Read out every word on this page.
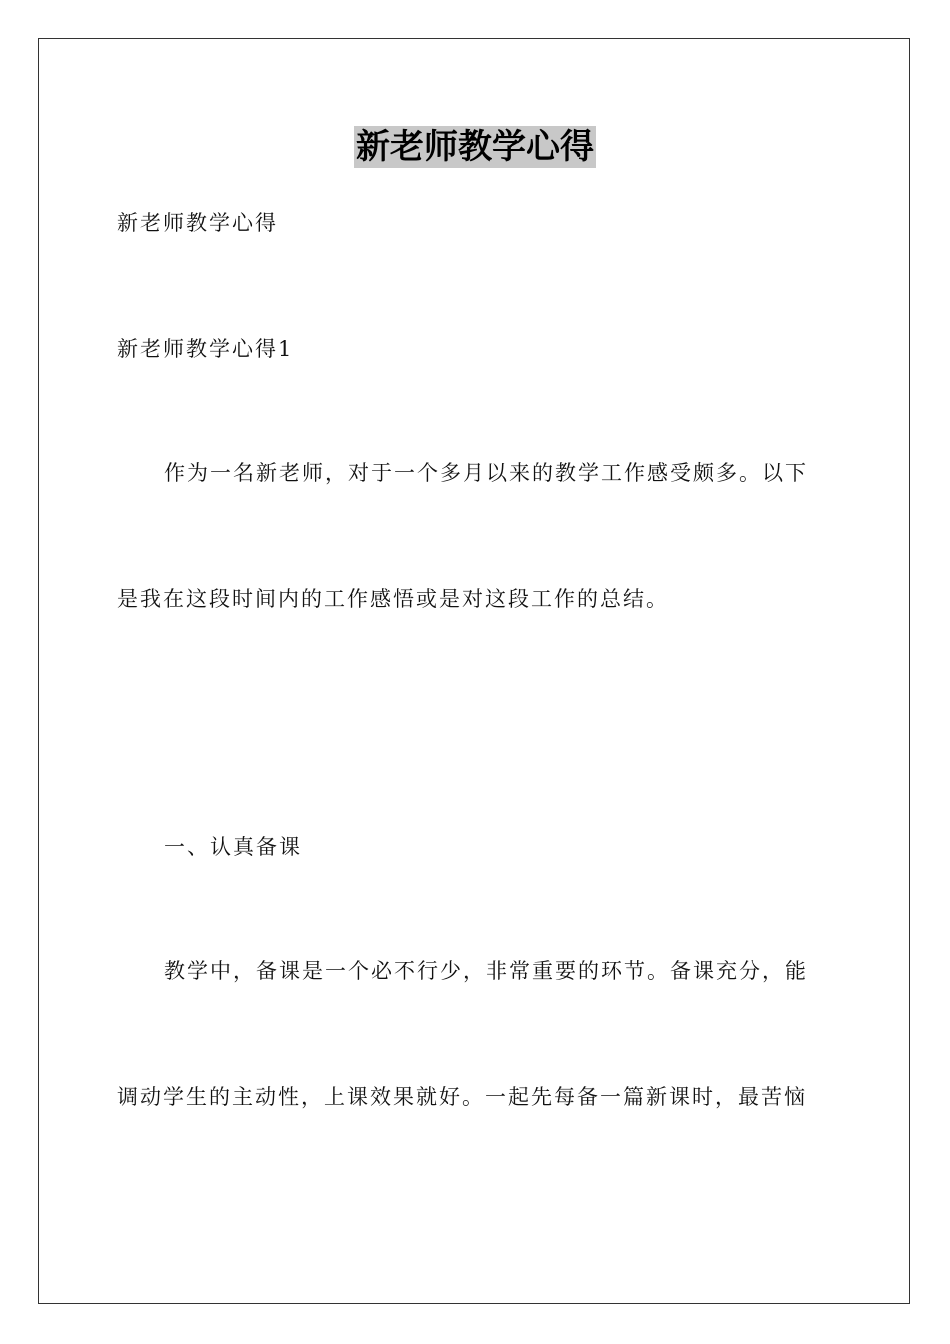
新老师教学心得
新老师教学心得
新老师教学心得1
作为一名新老师，对于一个多月以来的教学工作感受颇多。以下
是我在这段时间内的工作感悟或是对这段工作的总结。
一、认真备课
教学中，备课是一个必不行少，非常重要的环节。备课充分，能
调动学生的主动性，上课效果就好。一起先每备一篇新课时，最苦恼
